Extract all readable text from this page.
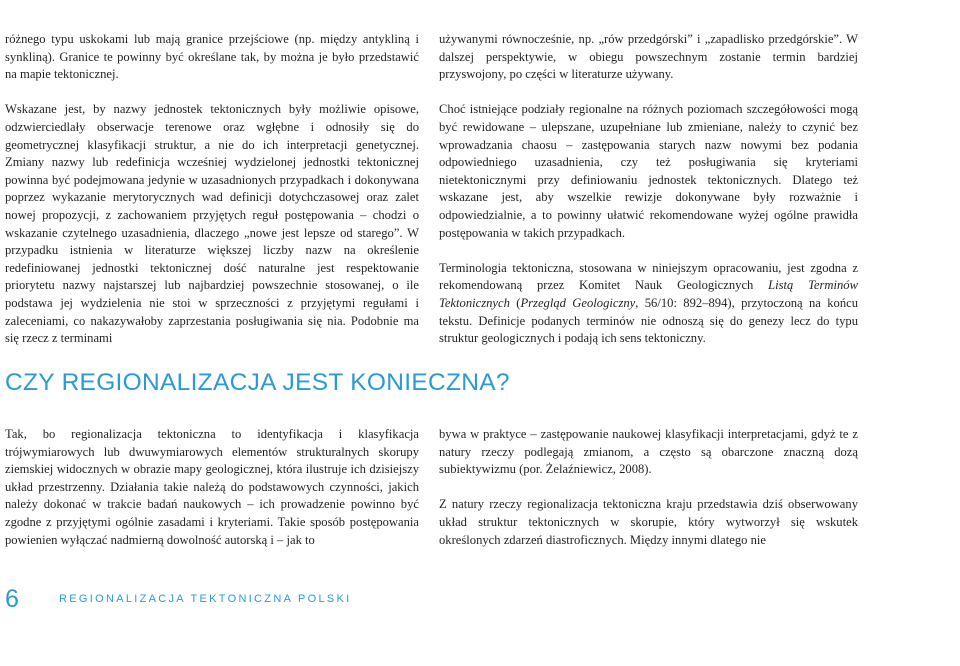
różnego typu uskokami lub mają granice przejściowe (np. między antykliną i synkliną). Granice te powinny być określane tak, by można je było przedstawić na mapie tektonicznej.

Wskazane jest, by nazwy jednostek tektonicznych były możliwie opisowe, odzwierciedlały obserwacje terenowe oraz wgłębne i odnosiły się do geometrycznej klasyfikacji struktur, a nie do ich interpretacji genetycznej. Zmiany nazwy lub redefinicja wcześniej wydzielonej jednostki tektonicznej powinna być podejmowana jedynie w uzasadnionych przypadkach i dokonywana poprzez wykazanie merytorycznych wad definicji dotychczasowej oraz zalet nowej propozycji, z zachowaniem przyjętych reguł postępowania – chodzi o wskazanie czytelnego uzasadnienia, dlaczego „nowe jest lepsze od starego”. W przypadku istnienia w literaturze większej liczby nazw na określenie redefiniowanej jednostki tektonicznej dość naturalne jest respektowanie priorytetu nazwy najstarszej lub najbardziej powszechnie stosowanej, o ile podstawa jej wydzielenia nie stoi w sprzeczności z przyjętymi regułami i zaleceniami, co nakazywałoby zaprzestania posługiwania się nia. Podobnie ma się rzecz z terminami

używanymi równocześnie, np. „rów przedgórski” i „zapadlisko przedgórskie”. W dalszej perspektywie, w obiegu powszechnym zostanie termin bardziej przyswojony, po części w literaturze używany.

Choć istniejące podziały regionalne na różnych poziomach szczegółowości mogą być rewidowane – ulepszane, uzupełniane lub zmieniane, należy to czynić bez wprowadzania chaosu – zastępowania starych nazw nowymi bez podania odpowiedniego uzasadnienia, czy też posługiwania się kryteriami nietektonicznymi przy definiowaniu jednostek tektonicznych. Dlatego też wskazane jest, aby wszelkie rewizje dokonywane były rozważnie i odpowiedzialnie, a to powinny ułatwić rekomendowane wyżej ogólne prawidła postępowania w takich przypadkach.

Terminologia tektoniczna, stosowana w niniejszym opracowaniu, jest zgodna z rekomendowaną przez Komitet Nauk Geologicznych Listą Terminów Tektonicznych (Przegląd Geologiczny, 56/10: 892–894), przytoczoną na końcu tekstu. Definicje podanych terminów nie odnoszą się do genezy lecz do typu struktur geologicznych i podają ich sens tektoniczny.

CZY REGIONALIZACJA JEST KONIECZNA?

Tak, bo regionalizacja tektoniczna to identyfikacja i klasyfikacja trójwymiarowych lub dwuwymiarowych elementów strukturalnych skorupy ziemskiej widocznych w obrazie mapy geologicznej, która ilustruje ich dzisiejszy układ przestrzenny. Działania takie należą do podstawowych czynności, jakich należy dokonać w trakcie badań naukowych – ich prowadzenie powinno być zgodne z przyjętymi ogólnie zasadami i kryteriami. Takie sposób postępowania powienien wyłączać nadmierną dowolność autorską i – jak to

bywa w praktyce – zastępowanie naukowej klasyfikacji interpretacjami, gdyż te z natury rzeczy podlegają zmianom, a często są obarczone znaczną dozą subiektywizmu (por. Żelaźniewicz, 2008).

Z natury rzeczy regionalizacja tektoniczna kraju przedstawia dziś obserwowany układ struktur tektonicznych w skorupie, który wytworzył się wskutek określonych zdarzeń diastroficznych. Między innymi dlatego nie

6	REGIONALIZACJA TEKTONICZNA POLSKI
